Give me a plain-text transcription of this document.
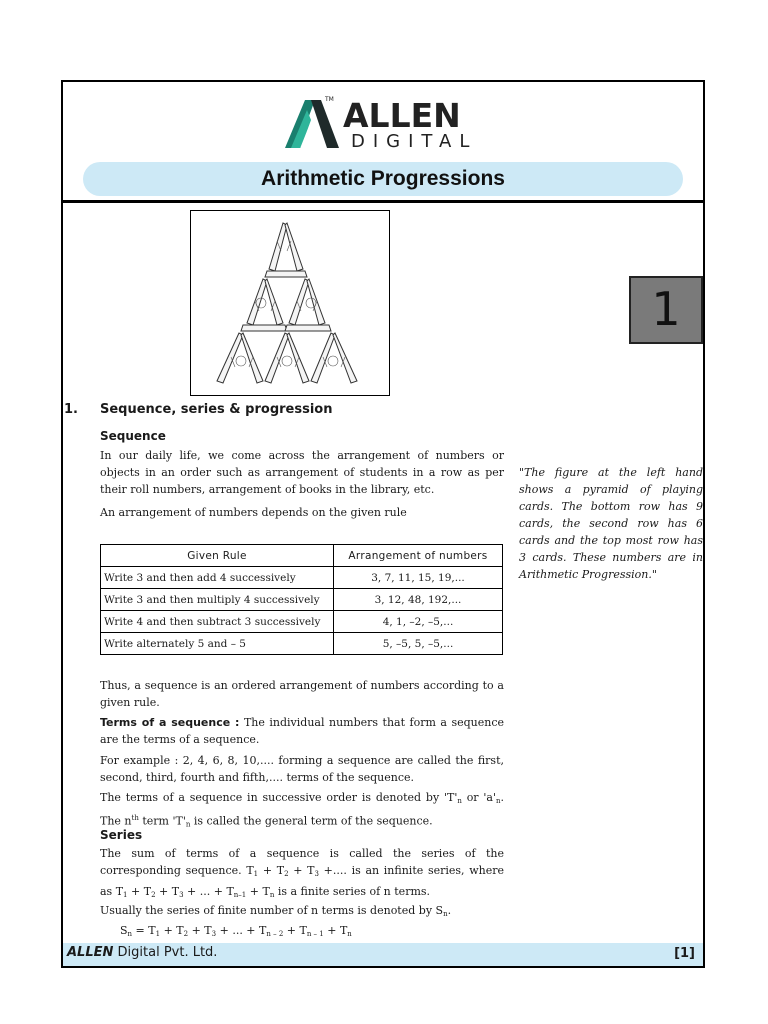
TM ALLEN
DIGITAL
Arithmetic Progressions
1
1. Sequence, series & progression
Sequence

In our daily life, we come across the arrangement of numbers or objects in an order such as arrangement of students in a row as per their roll numbers, arrangement of books in the library, etc.

An arrangement of numbers depends on the given rule

Given Rule	Arrangement of numbers
Write 3 and then add 4 successively	3, 7, 11, 15, 19,...
Write 3 and then multiply 4 successively	3, 12, 48, 192,...
Write 4 and then subtract 3 successively	4, 1, –2, –5,...
Write alternately 5 and – 5	5, –5, 5, –5,...

"The figure at the left hand shows a pyramid of playing cards. The bottom row has 9 cards, the second row has 6 cards and the top most row has 3 cards. These numbers are in Arithmetic Progression."

Thus, a sequence is an ordered arrangement of numbers according to a given rule.

Terms of a sequence : The individual numbers that form a sequence are the terms of a sequence.

For example : 2, 4, 6, 8, 10,.... forming a sequence are called the first, second, third, fourth and fifth,.... terms of the sequence.

The terms of a sequence in successive order is denoted by '$T'_n$ or '$a'_n$. The $n^{th}$ term '$T'_n$ is called the general term of the sequence.

Series

The sum of terms of a sequence is called the series of the corresponding sequence. $T_1 + T_2 + T_3$ +.... is an infinite series, where as $T_1 + T_2 + T_3$ + ... + $T_{n-1} + T_n$ is a finite series of n terms.

Usually the series of finite number of n terms is denoted by $S_n$.

$S_n = T_1 + T_2 + T_3$ + ... + $T_{n - 2} + T_{n - 1} + T_n$

ALLEN Digital Pvt. Ltd.	[1]
